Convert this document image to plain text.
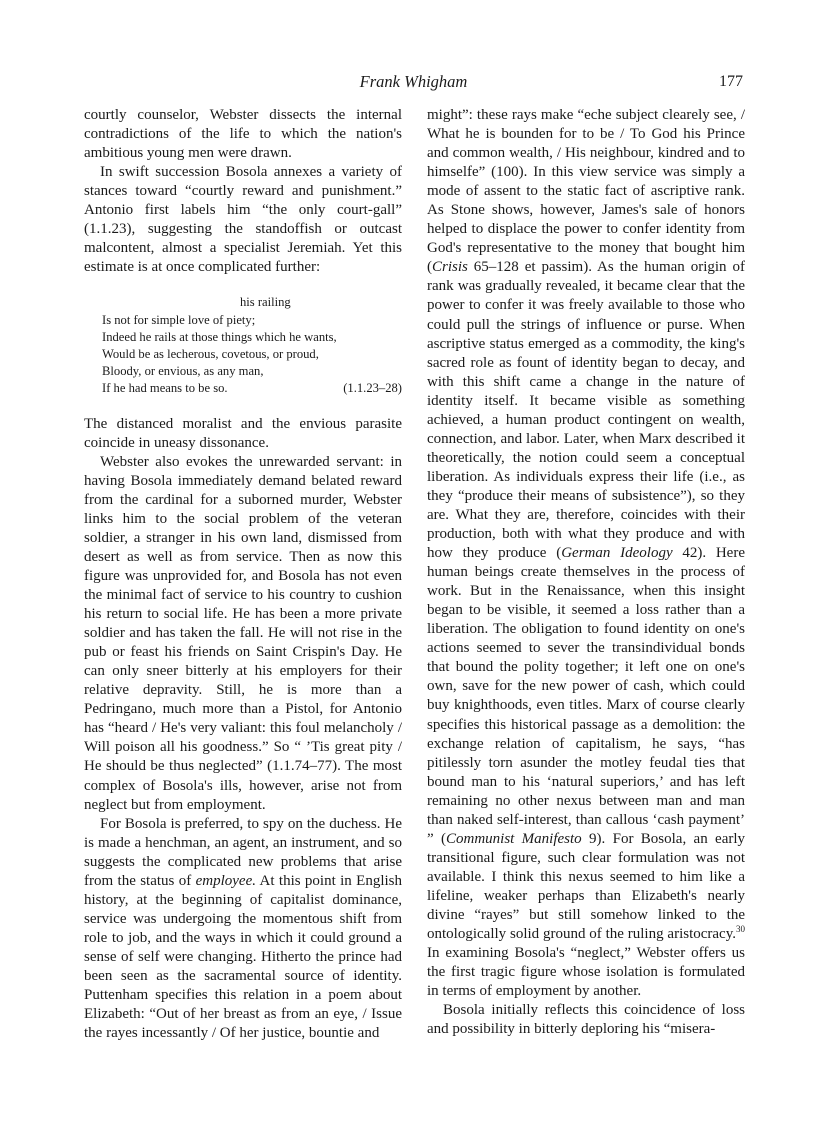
Frank Whigham	177

courtly counselor, Webster dissects the internal contradictions of the life to which the nation's ambitious young men were drawn.

In swift succession Bosola annexes a variety of stances toward “courtly reward and punishment.” Antonio first labels him “the only court-gall” (1.1.23), suggesting the standoffish or outcast malcontent, almost a specialist Jeremiah. Yet this estimate is at once complicated further:

his railing
Is not for simple love of piety;
Indeed he rails at those things which he wants,
Would be as lecherous, covetous, or proud,
Bloody, or envious, as any man,
If he had means to be so.	(1.1.23–28)

The distanced moralist and the envious parasite coincide in uneasy dissonance.

Webster also evokes the unrewarded servant: in having Bosola immediately demand belated reward from the cardinal for a suborned murder, Webster links him to the social problem of the veteran soldier, a stranger in his own land, dismissed from desert as well as from service. Then as now this figure was unprovided for, and Bosola has not even the minimal fact of service to his country to cushion his return to social life. He has been a more private soldier and has taken the fall. He will not rise in the pub or feast his friends on Saint Crispin's Day. He can only sneer bitterly at his employers for their relative depravity. Still, he is more than a Pedringano, much more than a Pistol, for Antonio has “heard / He's very valiant: this foul melancholy / Will poison all his goodness.” So “ ’Tis great pity / He should be thus neglected” (1.1.74–77). The most complex of Bosola's ills, however, arise not from neglect but from employment.

For Bosola is preferred, to spy on the duchess. He is made a henchman, an agent, an instrument, and so suggests the complicated new problems that arise from the status of employee. At this point in English history, at the beginning of capitalist dominance, service was undergoing the momentous shift from role to job, and the ways in which it could ground a sense of self were changing. Hitherto the prince had been seen as the sacramental source of identity. Puttenham specifies this relation in a poem about Elizabeth: “Out of her breast as from an eye, / Issue the rayes incessantly / Of her justice, bountie and

might”: these rays make “eche subject clearely see, / What he is bounden for to be / To God his Prince and common wealth, / His neighbour, kindred and to himselfe” (100). In this view service was simply a mode of assent to the static fact of ascriptive rank. As Stone shows, however, James's sale of honors helped to displace the power to confer identity from God's representative to the money that bought him (Crisis 65–128 et passim). As the human origin of rank was gradually revealed, it became clear that the power to confer it was freely available to those who could pull the strings of influence or purse. When ascriptive status emerged as a commodity, the king's sacred role as fount of identity began to decay, and with this shift came a change in the nature of identity itself. It became visible as something achieved, a human product contingent on wealth, connection, and labor. Later, when Marx described it theoretically, the notion could seem a conceptual liberation. As individuals express their life (i.e., as they “produce their means of subsistence”), so they are. What they are, therefore, coincides with their production, both with what they produce and with how they produce (German Ideology 42). Here human beings create themselves in the process of work. But in the Renaissance, when this insight began to be visible, it seemed a loss rather than a liberation. The obligation to found identity on one's actions seemed to sever the transindividual bonds that bound the polity together; it left one on one's own, save for the new power of cash, which could buy knighthoods, even titles. Marx of course clearly specifies this historical passage as a demolition: the exchange relation of capitalism, he says, “has pitilessly torn asunder the motley feudal ties that bound man to his ‘natural superiors,’ and has left remaining no other nexus between man and man than naked self-interest, than callous ‘cash payment’ ” (Communist Manifesto 9). For Bosola, an early transitional figure, such clear formulation was not available. I think this nexus seemed to him like a lifeline, weaker perhaps than Elizabeth's nearly divine “rayes” but still somehow linked to the ontologically solid ground of the ruling aristocracy.$^{30}$ In examining Bosola's “neglect,” Webster offers us the first tragic figure whose isolation is formulated in terms of employment by another.

Bosola initially reflects this coincidence of loss and possibility in bitterly deploring his “misera-
